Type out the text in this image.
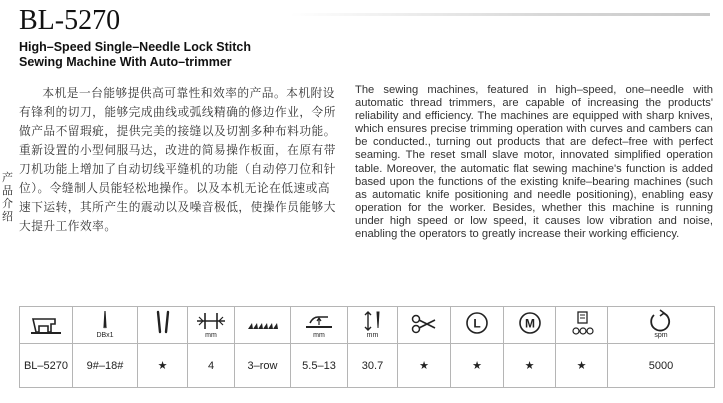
BL-5270
High–Speed Single–Needle Lock Stitch
Sewing Machine With Auto–trimmer
产
品
介
绍

本机是一台能够提供高可靠性和效率的产品。本机附设有锋利的切刀，能够完成曲线或弧线精确的修边作业，令所做产品不留瑕疵，提供完美的接缝以及切割多种布料功能。重新设置的小型伺服马达，改进的简易操作板面，在原有带刀机功能上增加了自动切线平缝机的功能（自动停刀位和针位）。令缝制人员能轻松地操作。以及本机无论在低速或高速下运转，其所产生的震动以及噪音极低，使操作员能够大大提升工作效率。

The sewing machines, featured in high–speed, one–needle with automatic thread trimmers, are capable of increasing the products' reliability and efficiency. The machines are equipped with sharp knives, which ensures precise trimming operation with curves and cambers can be conducted., turning out products that are defect–free with perfect seaming. The reset small slave motor, innovated simplified operation table. Moreover, the automatic flat sewing machine's function is added based upon the functions of the existing knife–bearing machines (such as automatic knife positioning and needle positioning), enabling easy operation for the worker. Besides, whether this machine is running under high speed or low speed, it causes low vibration and noise, enabling the operators to greatly increase their working efficiency.

DBx1		mm		mm	mm		L	M		spm

BL–5270	9#–18#	★	4	3–row	5.5–13	30.7	★	★	★	★	5000
